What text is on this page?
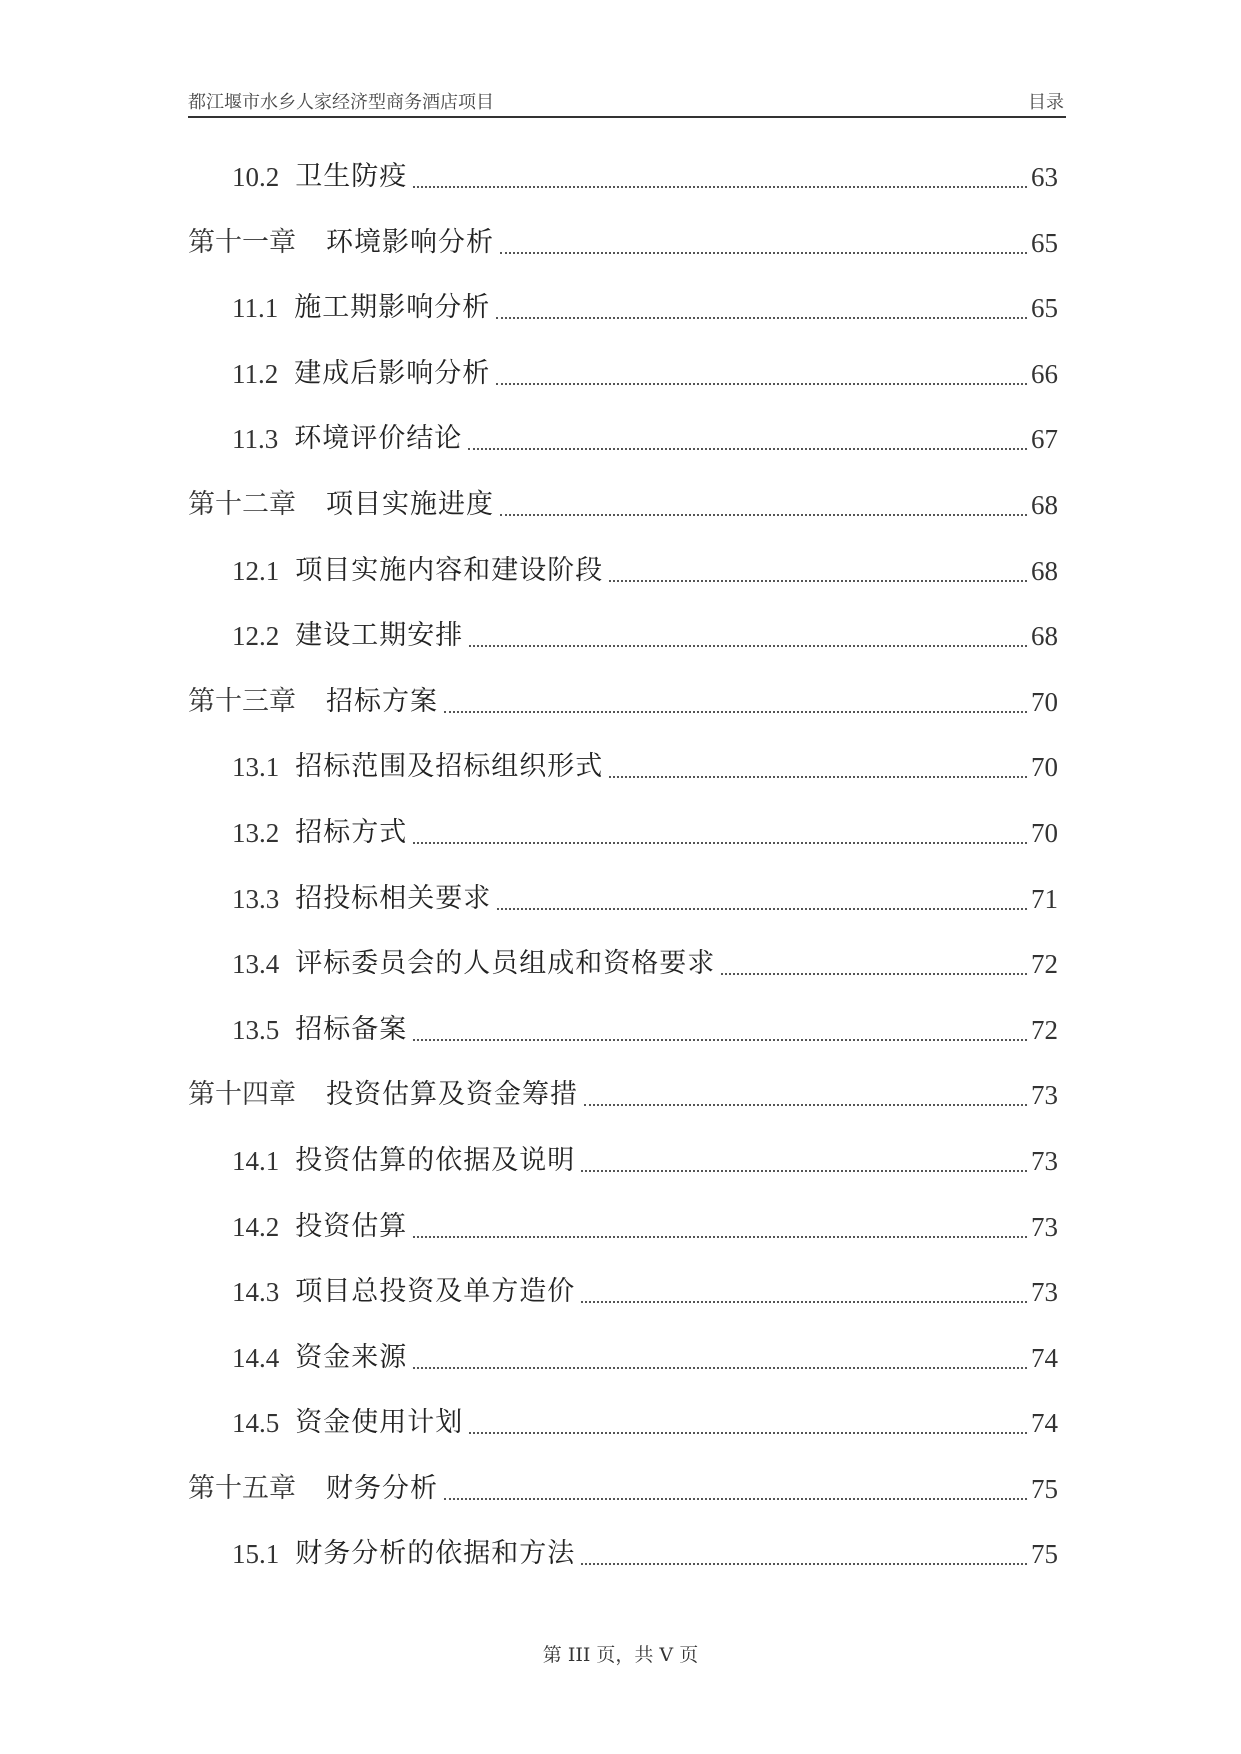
都江堰市水乡人家经济型商务酒店项目	目录
10.2 卫生防疫	63
第十一章 环境影响分析	65
11.1 施工期影响分析	65
11.2 建成后影响分析	66
11.3 环境评价结论	67
第十二章 项目实施进度	68
12.1 项目实施内容和建设阶段	68
12.2 建设工期安排	68
第十三章 招标方案	70
13.1 招标范围及招标组织形式	70
13.2 招标方式	70
13.3 招投标相关要求	71
13.4 评标委员会的人员组成和资格要求	72
13.5 招标备案	72
第十四章 投资估算及资金筹措	73
14.1 投资估算的依据及说明	73
14.2 投资估算	73
14.3 项目总投资及单方造价	73
14.4 资金来源	74
14.5 资金使用计划	74
第十五章 财务分析	75
15.1 财务分析的依据和方法	75
第 III 页，共 V 页
